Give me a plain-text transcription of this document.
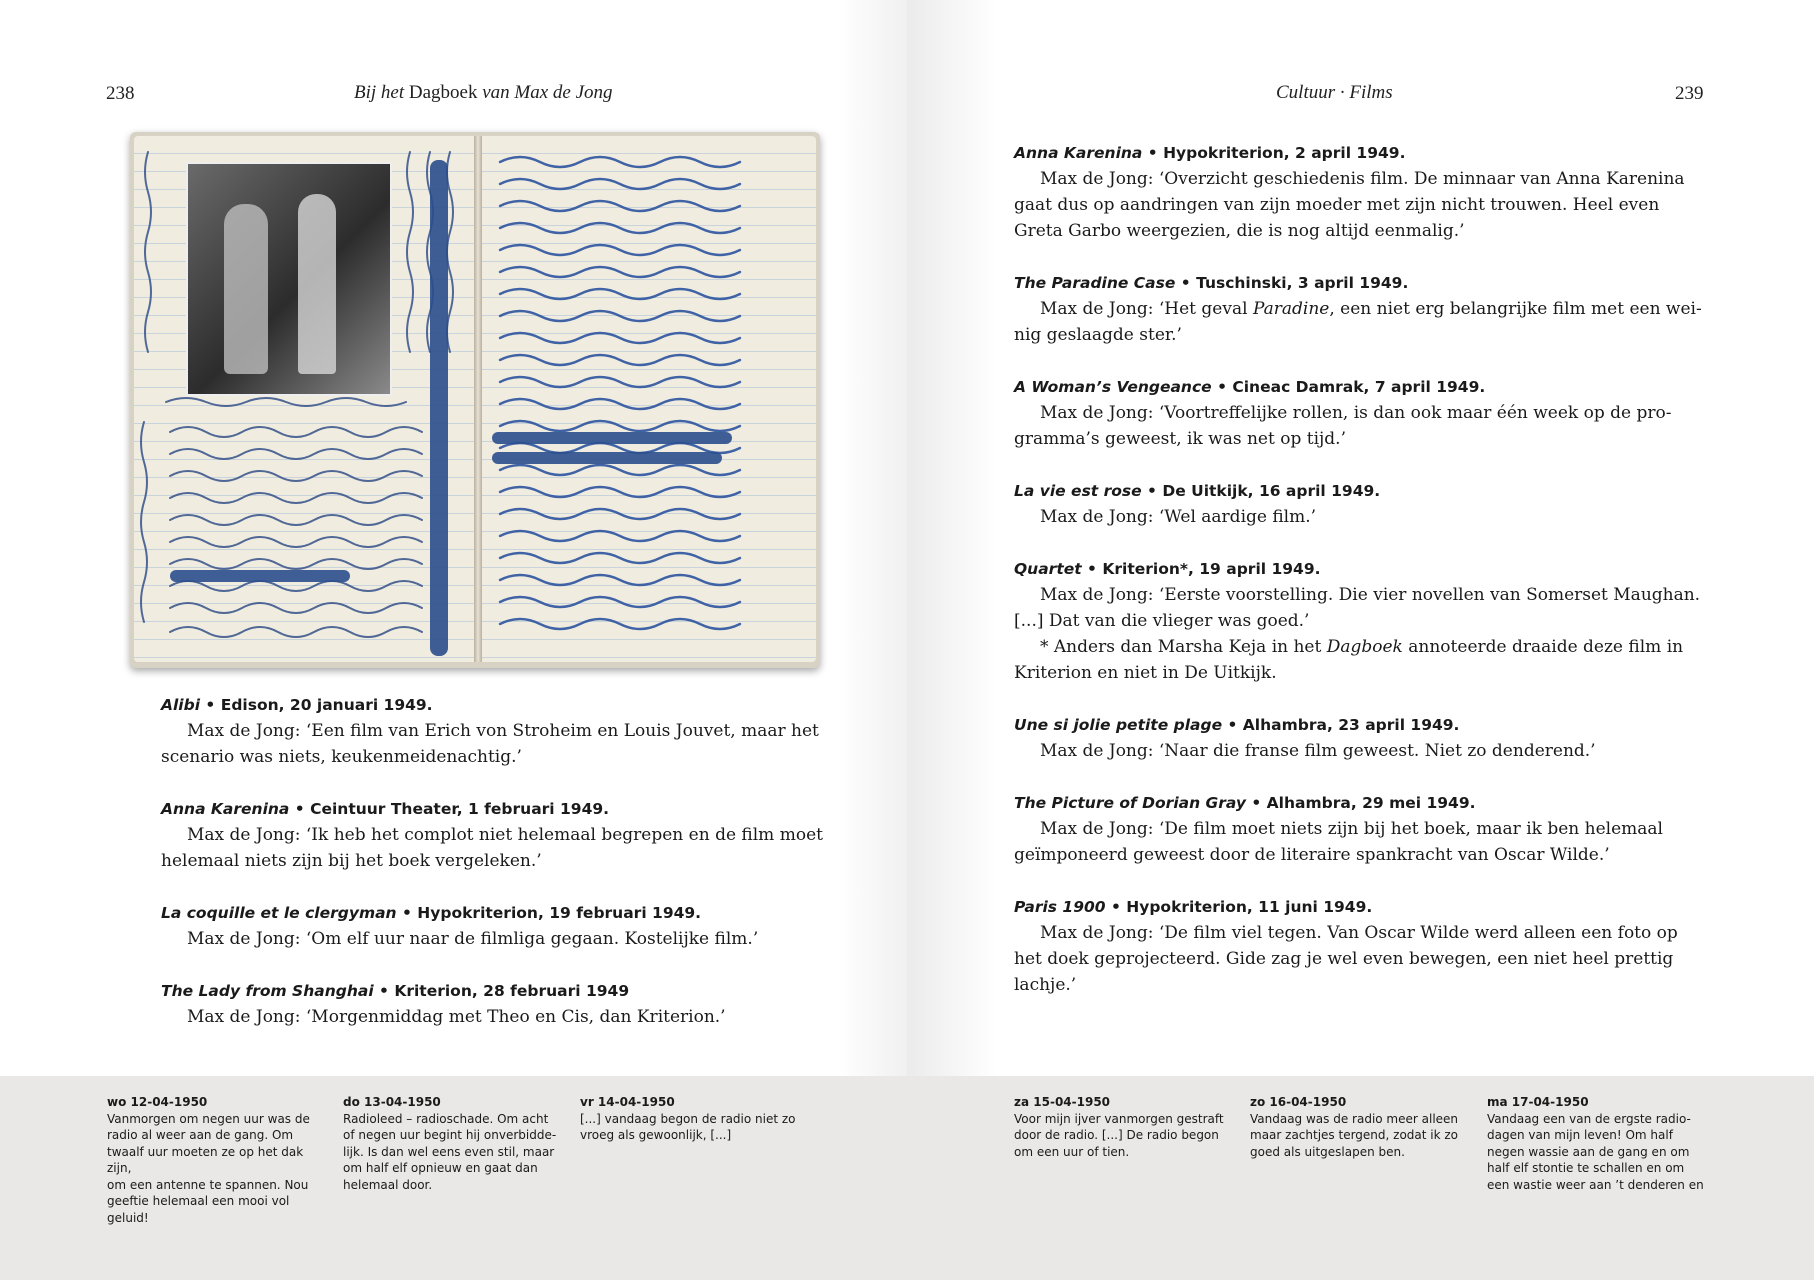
238	Bij het Dagboek van Max de Jong

Alibi • Edison, 20 januari 1949.

Max de Jong: ‘Een film van Erich von Stroheim en Louis Jouvet, maar het

scenario was niets, keukenmeidenachtig.’

Anna Karenina • Ceintuur Theater, 1 februari 1949.

Max de Jong: ‘Ik heb het complot niet helemaal begrepen en de film moet

helemaal niets zijn bij het boek vergeleken.’

La coquille et le clergyman • Hypokriterion, 19 februari 1949.

Max de Jong: ‘Om elf uur naar de filmliga gegaan. Kostelijke film.’

The Lady from Shanghai • Kriterion, 28 februari 1949

Max de Jong: ‘Morgenmiddag met Theo en Cis, dan Kriterion.’

Cultuur · Films	239

Anna Karenina • Hypokriterion, 2 april 1949.

Max de Jong: ‘Overzicht geschiedenis film. De minnaar van Anna Karenina

gaat dus op aandringen van zijn moeder met zijn nicht trouwen. Heel even

Greta Garbo weergezien, die is nog altijd eenmalig.’

The Paradine Case • Tuschinski, 3 april 1949.

Max de Jong: ‘Het geval Paradine, een niet erg belangrijke film met een wei-

nig geslaagde ster.’

A Woman’s Vengeance • Cineac Damrak, 7 april 1949.

Max de Jong: ‘Voortreffelijke rollen, is dan ook maar één week op de pro-

gramma’s geweest, ik was net op tijd.’

La vie est rose • De Uitkijk, 16 april 1949.

Max de Jong: ‘Wel aardige film.’

Quartet • Kriterion*, 19 april 1949.

Max de Jong: ‘Eerste voorstelling. Die vier novellen van Somerset Maughan.

[...] Dat van die vlieger was goed.’

* Anders dan Marsha Keja in het Dagboek annoteerde draaide deze film in

Kriterion en niet in De Uitkijk.

Une si jolie petite plage • Alhambra, 23 april 1949.

Max de Jong: ‘Naar die franse film geweest. Niet zo denderend.’

The Picture of Dorian Gray • Alhambra, 29 mei 1949.

Max de Jong: ‘De film moet niets zijn bij het boek, maar ik ben helemaal

geïmponeerd geweest door de literaire spankracht van Oscar Wilde.’

Paris 1900 • Hypokriterion, 11 juni 1949.

Max de Jong: ‘De film viel tegen. Van Oscar Wilde werd alleen een foto op

het doek geprojecteerd. Gide zag je wel even bewegen, een niet heel prettig

lachje.’

wo 12-04-1950

Vanmorgen om negen uur was de

radio al weer aan de gang. Om

twaalf uur moeten ze op het dak zijn,

om een antenne te spannen. Nou

geeftie helemaal een mooi vol

geluid!

do 13-04-1950

Radioleed – radioschade. Om acht

of negen uur begint hij onverbidde-

lijk. Is dan wel eens even stil, maar

om half elf opnieuw en gaat dan

helemaal door.

vr 14-04-1950

[...] vandaag begon de radio niet zo

vroeg als gewoonlijk, [...]

za 15-04-1950

Voor mijn ijver vanmorgen gestraft

door de radio. [...] De radio begon

om een uur of tien.

zo 16-04-1950

Vandaag was de radio meer alleen

maar zachtjes tergend, zodat ik zo

goed als uitgeslapen ben.

ma 17-04-1950

Vandaag een van de ergste radio-

dagen van mijn leven! Om half

negen wassie aan de gang en om

half elf stontie te schallen en om

een wastie weer aan ’t denderen en
